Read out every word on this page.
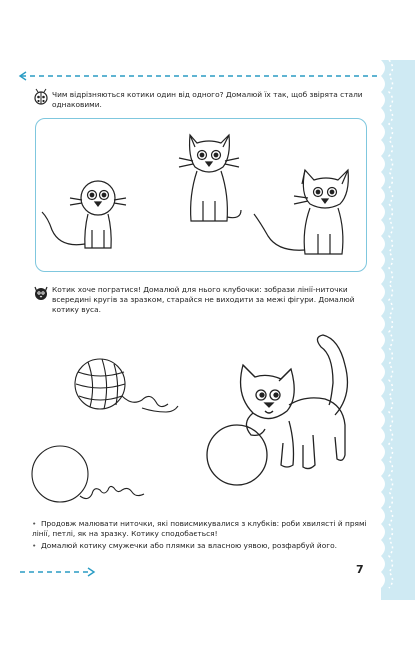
Чим відрізняються котики один від одного? Домалюй їх так, щоб звірята стали однаковими.
Котик хоче погратися! Домалюй для нього клубочки: зобрази лінії-ниточки всередині кругів за зразком, старайся не виходити за межі фігури. Домалюй котику вуса.
• Продовж малювати ниточки, які повисмикувалися з клубків: роби хвилясті й прямі лінії, петлі, як на зразку. Котику сподобається!
• Домалюй котику смужечки або плямки за власною уявою, розфарбуй його.
7
